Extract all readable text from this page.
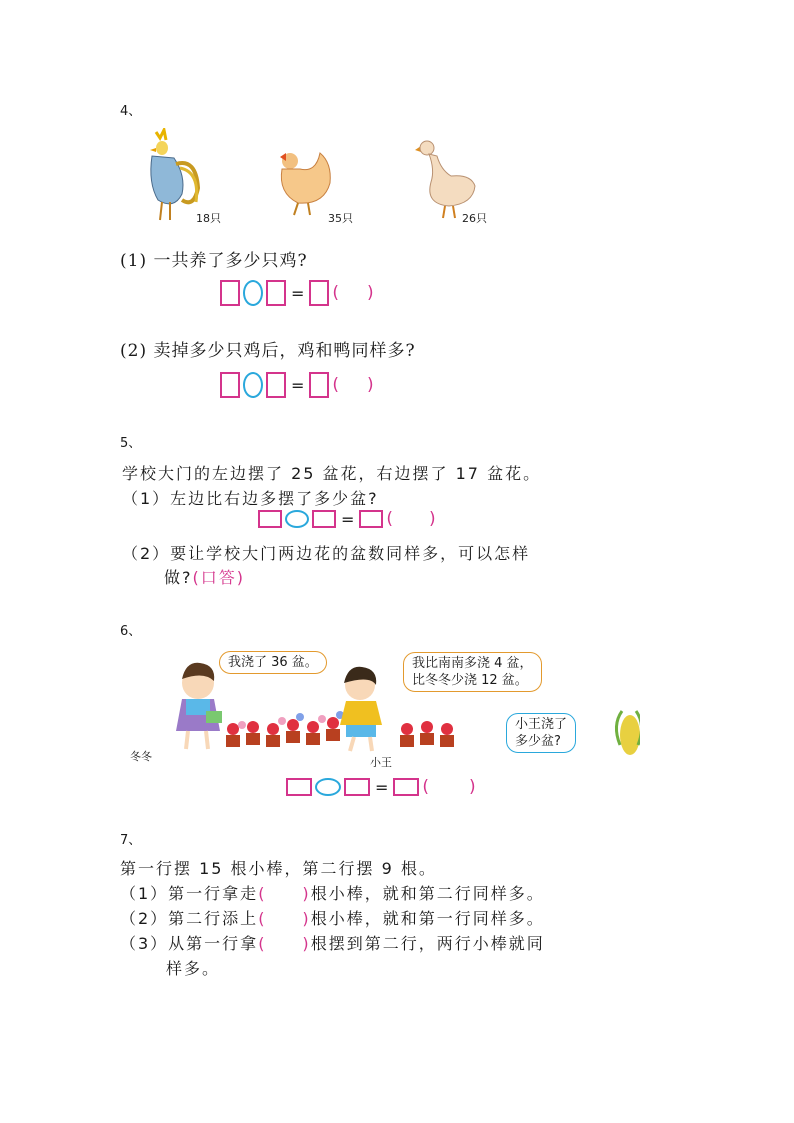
4、
18只	35只	26只
(1) 一共养了多少只鸡?
= ( )
(2) 卖掉多少只鸡后，鸡和鸭同样多?
= ( )
5、
学校大门的左边摆了 25 盆花，右边摆了 17 盆花。
（1）左边比右边多摆了多少盆?
= ( )
（2）要让学校大门两边花的盆数同样多，可以怎样
做?(口答)
6、
我浇了 36 盆。	我比南南多浇 4 盆，
比冬冬少浇 12 盆。
小王浇了
多少盆?
冬冬	小王
= ( )
7、
第一行摆 15 根小棒，第二行摆 9 根。
（1）第一行拿走(　　)根小棒，就和第二行同样多。
（2）第二行添上(　　)根小棒，就和第一行同样多。
（3）从第一行拿(　　)根摆到第二行，两行小棒就同
样多。
